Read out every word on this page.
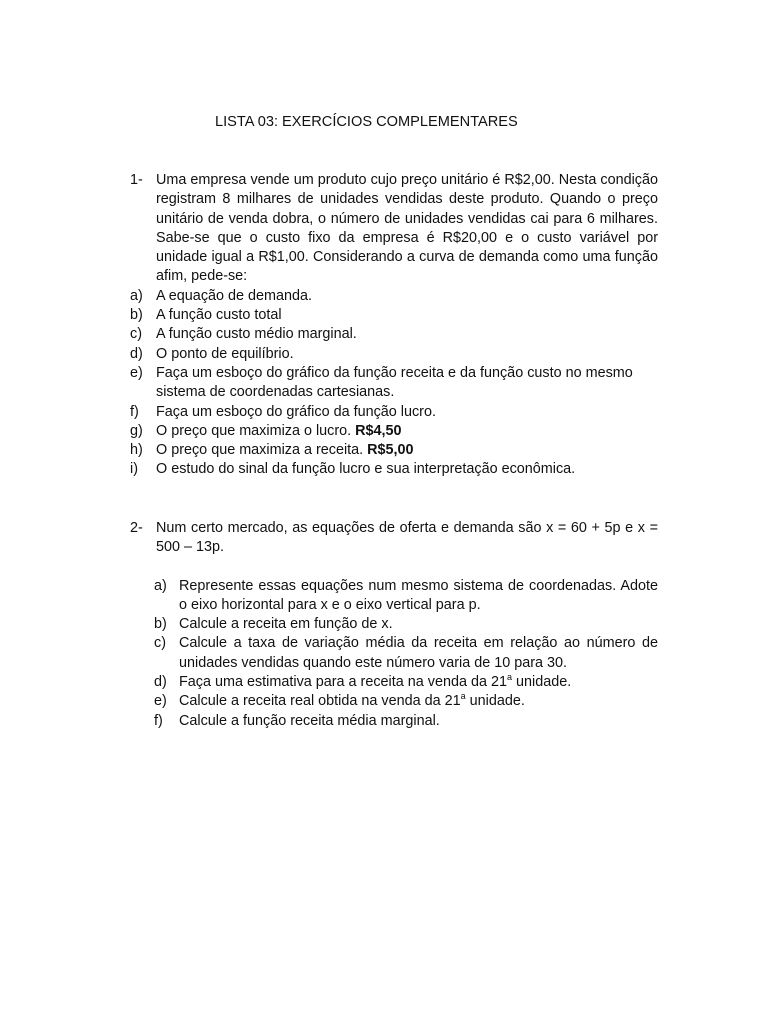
LISTA 03: EXERCÍCIOS COMPLEMENTARES
1- Uma empresa vende um produto cujo preço unitário é R$2,00. Nesta condição registram 8 milhares de unidades vendidas deste produto. Quando o preço unitário de venda dobra, o número de unidades vendidas cai para 6 milhares. Sabe-se que o custo fixo da empresa é R$20,00 e o custo variável por unidade igual a R$1,00. Considerando a curva de demanda como uma função afim, pede-se:
a) A equação de demanda.
b) A função custo total
c) A função custo médio marginal.
d) O ponto de equilíbrio.
e) Faça um esboço do gráfico da função receita e da função custo no mesmo sistema de coordenadas cartesianas.
f)	Faça um esboço do gráfico da função lucro.
g) O preço que maximiza o lucro. R$4,50
h) O preço que maximiza a receita. R$5,00
i)	O estudo do sinal da função lucro e sua interpretação econômica.
2- Num certo mercado, as equações de oferta e demanda são x = 60 + 5p e x = 500 – 13p.
a) Represente essas equações num mesmo sistema de coordenadas. Adote o eixo horizontal para x e o eixo vertical para p.
b) Calcule a receita em função de x.
c) Calcule a taxa de variação média da receita em relação ao número de unidades vendidas quando este número varia de 10 para 30.
d) Faça uma estimativa para a receita na venda da 21$^a$ unidade.
e) Calcule a receita real obtida na venda da 21$^a$ unidade.
f)	Calcule a função receita média marginal.
